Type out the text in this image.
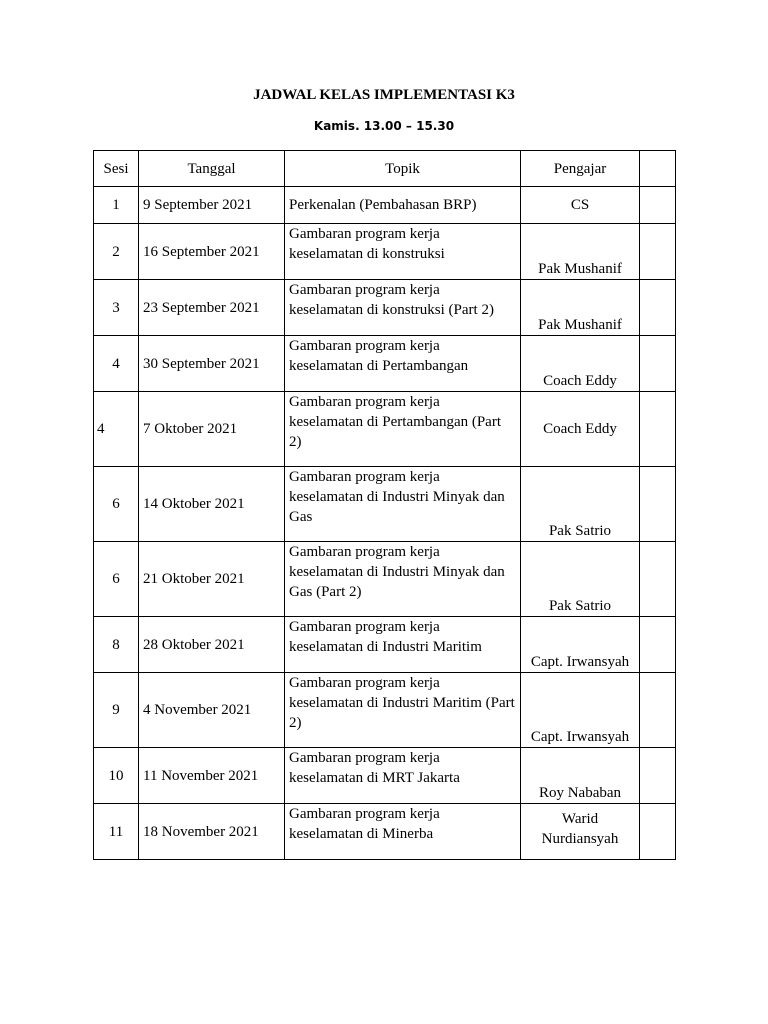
JADWAL KELAS IMPLEMENTASI K3
Kamis. 13.00 – 15.30
Sesi	Tanggal	Topik	Pengajar	
1	9 September 2021	Perkenalan (Pembahasan BRP)	CS	
2	16 September 2021	Gambaran program kerja keselamatan di konstruksi	Pak Mushanif	
3	23 September 2021	Gambaran program kerja keselamatan di konstruksi (Part 2)	Pak Mushanif	
4	30 September 2021	Gambaran program kerja keselamatan di Pertambangan	Coach Eddy	
4	7 Oktober 2021	Gambaran program kerja keselamatan di Pertambangan (Part 2)	Coach Eddy	
6	14 Oktober 2021	Gambaran program kerja keselamatan di Industri Minyak dan Gas	Pak Satrio	
6	21 Oktober 2021	Gambaran program kerja keselamatan di Industri Minyak dan Gas (Part 2)	Pak Satrio	
8	28 Oktober 2021	Gambaran program kerja keselamatan di Industri Maritim	Capt. Irwansyah	
9	4 November 2021	Gambaran program kerja keselamatan di Industri Maritim (Part 2)	Capt. Irwansyah	
10	11 November 2021	Gambaran program kerja keselamatan di MRT Jakarta	Roy Nababan	
11	18 November 2021	Gambaran program kerja keselamatan di Minerba	Warid Nurdiansyah	
